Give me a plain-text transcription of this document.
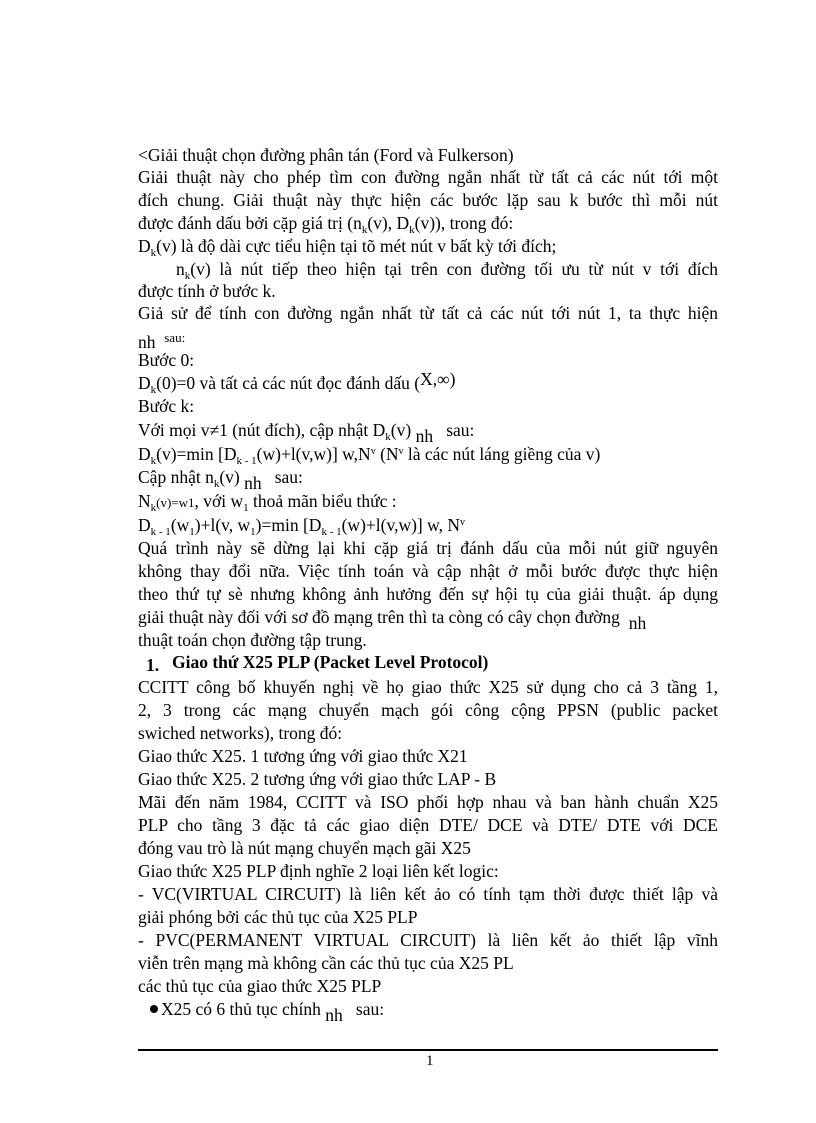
<Giải thuật chọn đường phân tán (Ford và Fulkerson)
Giải thuật này cho phép tìm con đường ngắn nhất từ tất cả các nút tới một
đích chung. Giải thuật này thực hiện các bước lặp sau k bước thì mỗi nút
được đánh dấu bởi cặp giá trị ($n_k(v)$, $D_k(v)$), trong đó:
$D_k(v)$ là độ dài cực tiểu hiện tại tõ mét nút v bất kỳ tới đích;
$n_k(v)$ là nút tiếp theo hiện tại trên con đường tối ưu từ nút v tới đích
được tính ở bước k.
Giả sử để tính con đường ngắn nhất từ tất cả các nút tới nút 1, ta thực hiện
nh sau:
Bước 0:
$D_k(0)=0$ và tất cả các nút đọc đánh dấu (X,∞)
Bước k:
Với mọi v≠1 (nút đích), cập nhật $D_k(v)$ nh sau:
$D_k(v)=\min$ $[D_{k - 1}(w)+l(v,w)]$ $w,N^v$ ($N^v$ là các nút láng giềng của v)
Cập nhật $n_k(v)$ nh sau:
$N_k(v)=w1$, với $w_1$ thoả mãn biểu thức :
$D_{k - 1}(w_1)+l(v$, $w_1)=\min$ $[D_{k - 1}(w)+l(v,w)]$ w, $N^v$
Quá trình này sẽ dừng lại khi cặp giá trị đánh dấu của mỗi nút giữ nguyên
không thay đổi nữa. Việc tính toán và cập nhật ở mỗi bước được thực hiện
theo thứ tự sè nhưng không ảnh hưởng đến sự hội tụ của giải thuật. áp dụng
giải thuật này đối với sơ đồ mạng trên thì ta còng có cây chọn đường nh
thuật toán chọn đường tập trung.
1. Giao thứ X25 PLP (Packet Level Protocol)
CCITT công bố khuyến nghị về họ giao thức X25 sử dụng cho cả 3 tầng 1,
2, 3 trong các mạng chuyển mạch gói công cộng PPSN (public packet
swiched networks), trong đó:
Giao thức X25. 1 tương ứng với giao thức X21
Giao thức X25. 2 tương ứng với giao thức LAP - B
Mãi đến năm 1984, CCITT và ISO phối hợp nhau và ban hành chuẩn X25
PLP cho tầng 3 đặc tả các giao diện DTE/ DCE và DTE/ DTE với DCE
đóng vau trò là nút mạng chuyển mạch gãi X25
Giao thức X25 PLP định nghĩe 2 loại liên kết logic:
- VC(VIRTUAL CIRCUIT) là liên kết ảo có tính tạm thời được thiết lập và
giải phóng bởi các thủ tục của X25 PLP
- PVC(PERMANENT VIRTUAL CIRCUIT) là liên kết ảo thiết lập vĩnh
viễn trên mạng mà không cần các thủ tục của X25 PL
các thủ tục của giao thức X25 PLP
X25 có 6 thủ tục chính nh sau:
1
